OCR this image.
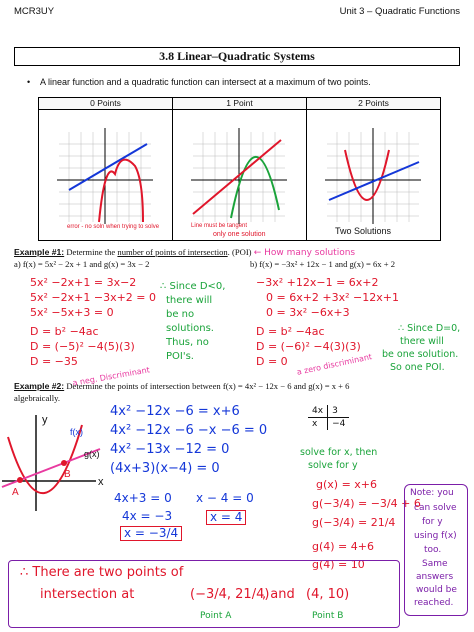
MCR3UY	Unit 3 – Quadratic Functions
3.8 Linear–Quadratic Systems
• A linear function and a quadratic function can intersect at a maximum of two points.
0 Points	1 Point	2 Points

error - no soln when trying to solve	Line must be tangent
only one solution	Two Solutions
Example #1: Determine the number of points of intersection. (POI) ← How many solutions
a) f(x) = 5x² − 2x + 1 and g(x) = 3x − 2	b) f(x) = −3x² + 12x − 1 and g(x) = 6x + 2
5x² −2x+1 = 3x−2
5x² −2x+1 −3x+2 = 0
5x² −5x+3 = 0
D = b² −4ac
D = (−5)² −4(5)(3)
D = −35
a neg. Discriminant
∴ Since D<0,
there will
be no
solutions.
Thus, no
POI's.
−3x² +12x−1 = 6x+2
0 = 6x+2 +3x² −12x+1
0 = 3x² −6x+3
D = b² −4ac
D = (−6)² −4(3)(3)
D = 0 a zero discriminant
∴ Since D=0,
there will
be one solution.
So one POI.
Example #2: Determine the points of intersection between f(x) = 4x² − 12x − 6 and g(x) = x + 6
algebraically.
y
x
f(x)
g(x)
A
B
4x² −12x −6 = x+6
4x² −12x −6 −x −6 = 0
4x² −13x −12 = 0
(4x+3)(x−4) = 0
4x+3 = 0
4x = −3
x = −3/4
x − 4 = 0
x = 4
4x	3
x	−4
solve for x, then
solve for y
g(x) = x+6
g(−3/4) = −3/4 + 6
g(−3/4) = 21/4
g(4) = 4+6
g(4) = 10
Note: you
can solve
for y
using f(x)
too.
Same
answers
would be
reached.
∴ There are two points of
intersection at	(−3/4, 21/4)
, and (4, 10)
Point A	Point B
